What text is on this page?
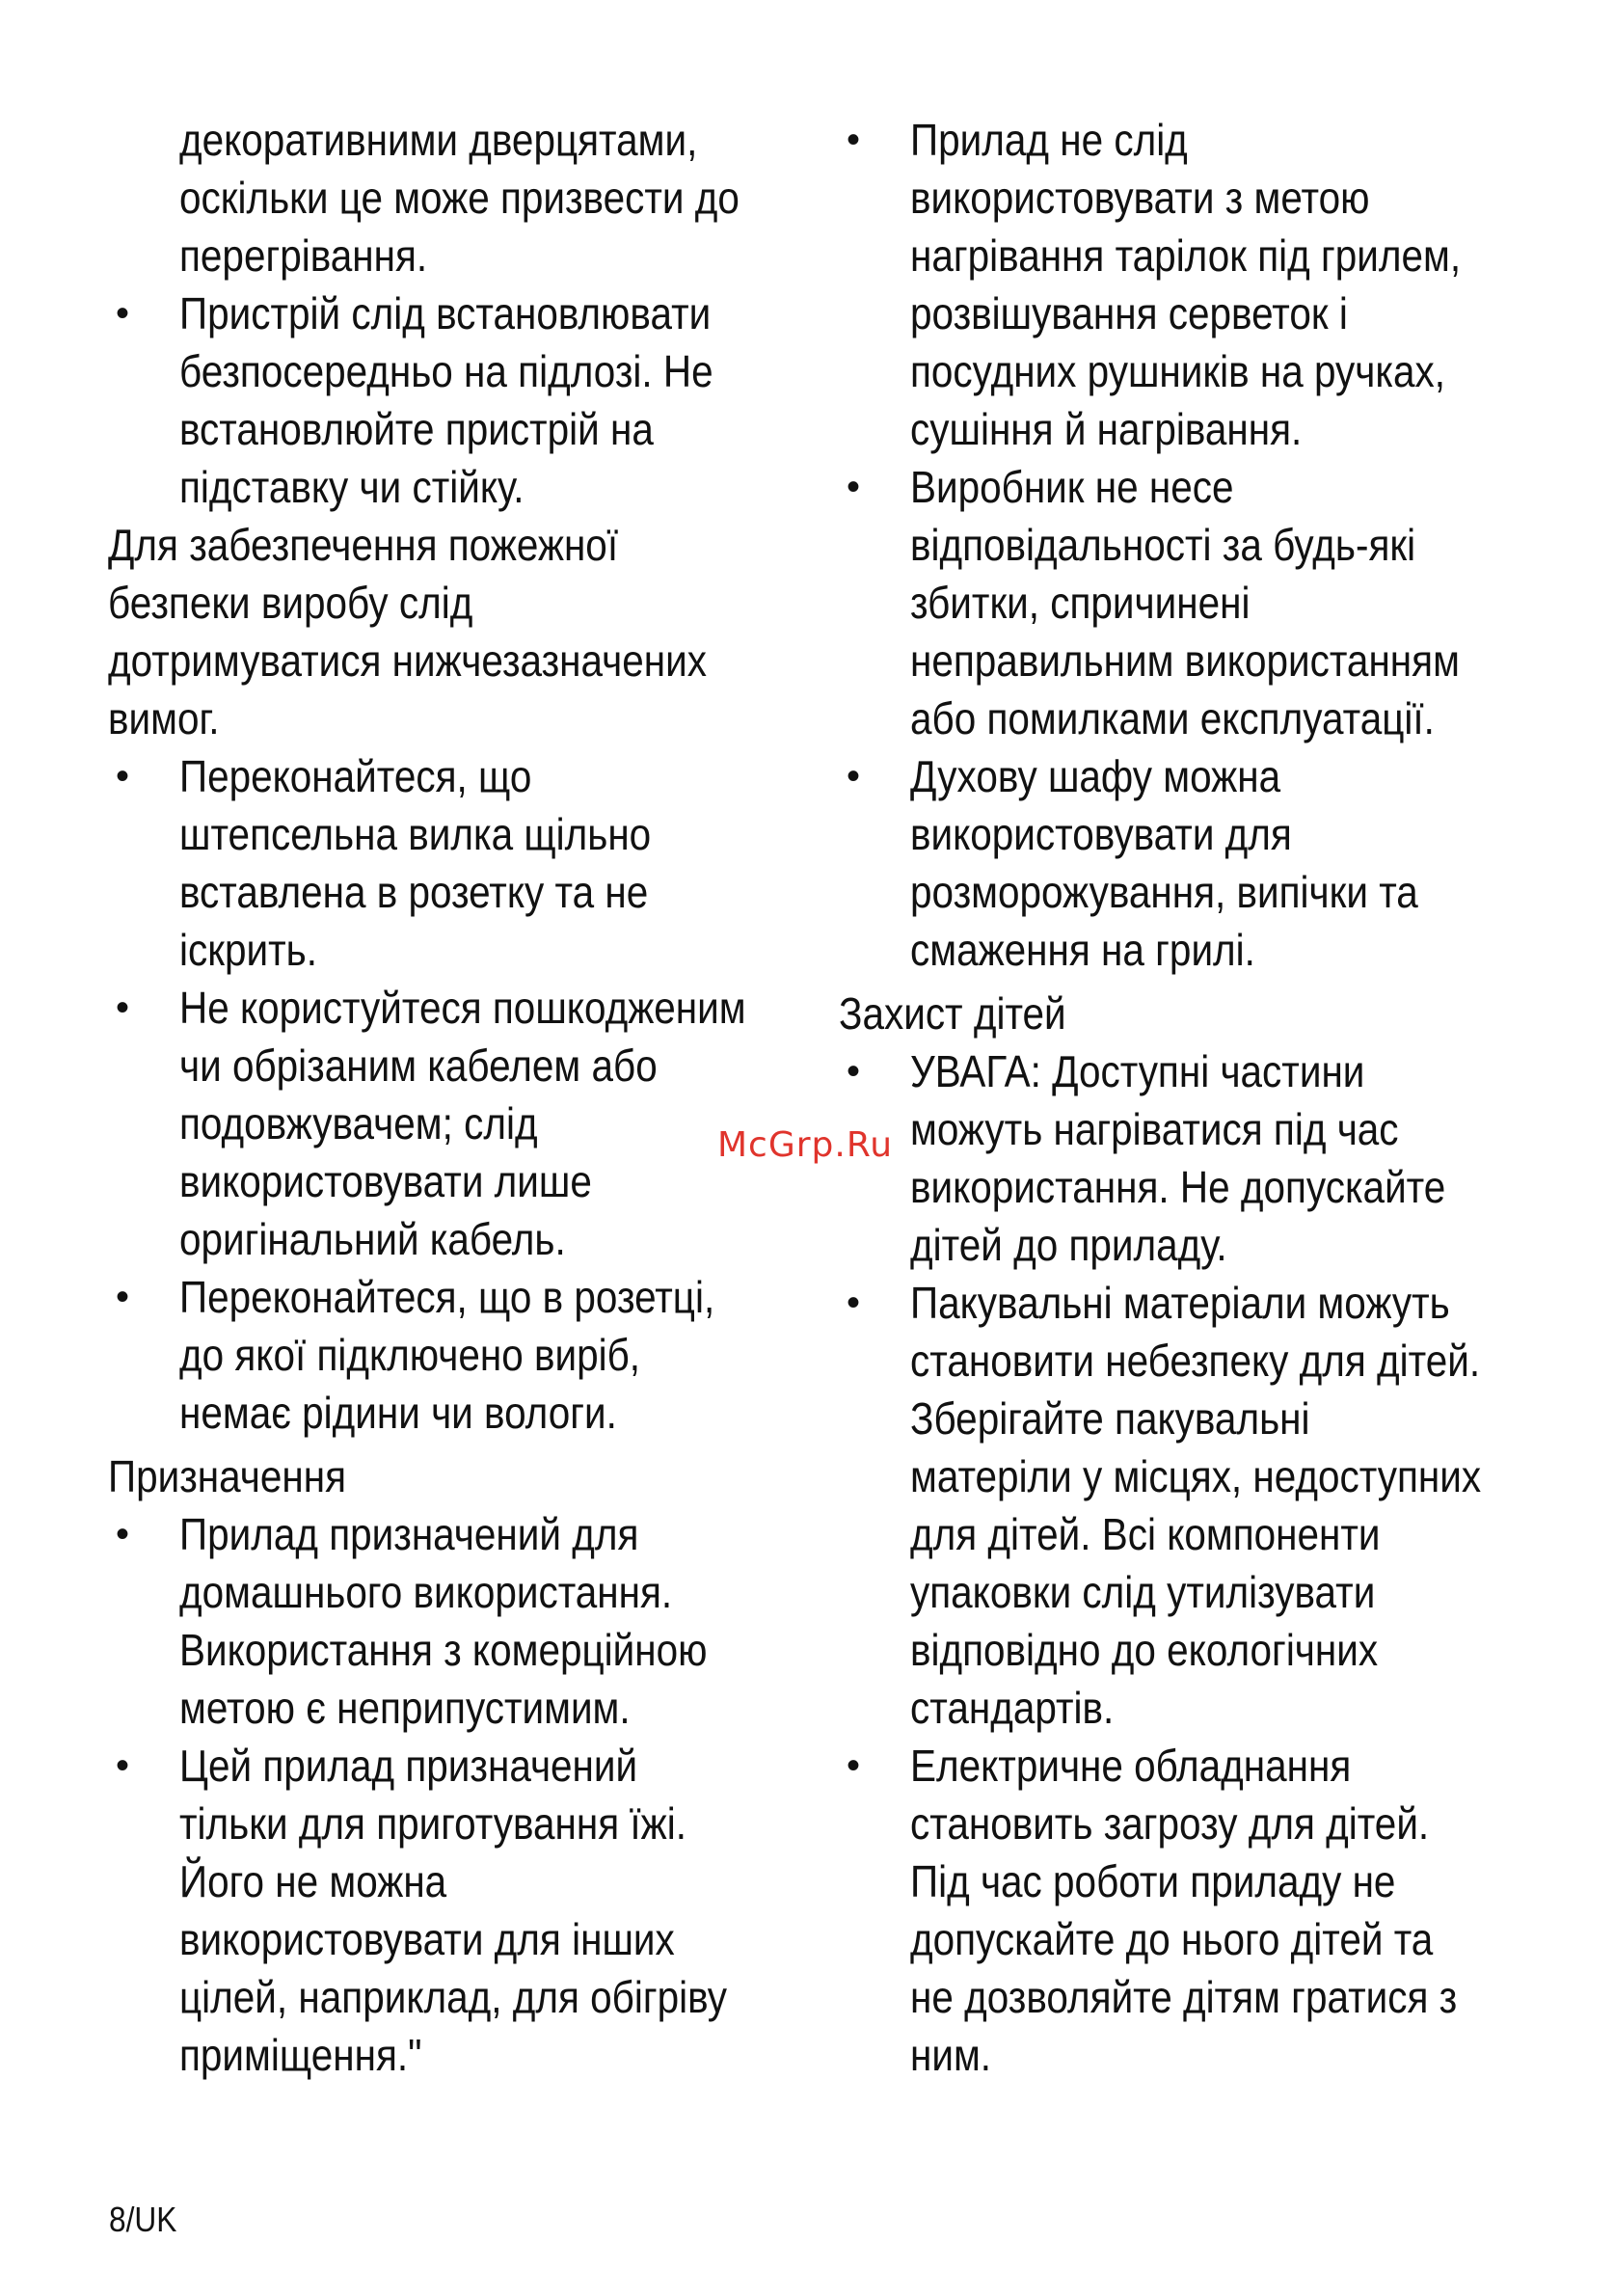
декоративними дверцятами,
оскільки це може призвести до
перегрівання.
• Пристрій слід встановлювати
безпосередньо на підлозі. Не
встановлюйте пристрій на
підставку чи стійку.
Для забезпечення пожежної
безпеки виробу слід
дотримуватися нижчезазначених
вимог.
• Переконайтеся, що
штепсельна вилка щільно
вставлена в розетку та не
іскрить.
• Не користуйтеся пошкодженим
чи обрізаним кабелем або
подовжувачем; слід
використовувати лише
оригінальний кабель.
• Переконайтеся, що в розетці,
до якої підключено виріб,
немає рідини чи вологи.
Призначення
• Прилад призначений для
домашнього використання.
Використання з комерційною
метою є неприпустимим.
• Цей прилад призначений
тільки для приготування їжі.
Його не можна
використовувати для інших
цілей, наприклад, для обігріву
приміщення."
• Прилад не слід
використовувати з метою
нагрівання тарілок під грилем,
розвішування серветок і
посудних рушників на ручках,
сушіння й нагрівання.
• Виробник не несе
відповідальності за будь-які
збитки, спричинені
неправильним використанням
або помилками експлуатації.
• Духову шафу можна
використовувати для
розморожування, випічки та
смаження на грилі.
Захист дітей
• УВАГА: Доступні частини
можуть нагріватися під час
використання. Не допускайте
дітей до приладу.
• Пакувальні матеріали можуть
становити небезпеку для дітей.
Зберігайте пакувальні
матеріли у місцях, недоступних
для дітей. Всі компоненти
упаковки слід утилізувати
відповідно до екологічних
стандартів.
• Електричне обладнання
становить загрозу для дітей.
Під час роботи приладу не
допускайте до нього дітей та
не дозволяйте дітям гратися з
ним.
McGrp.Ru
8/UK
